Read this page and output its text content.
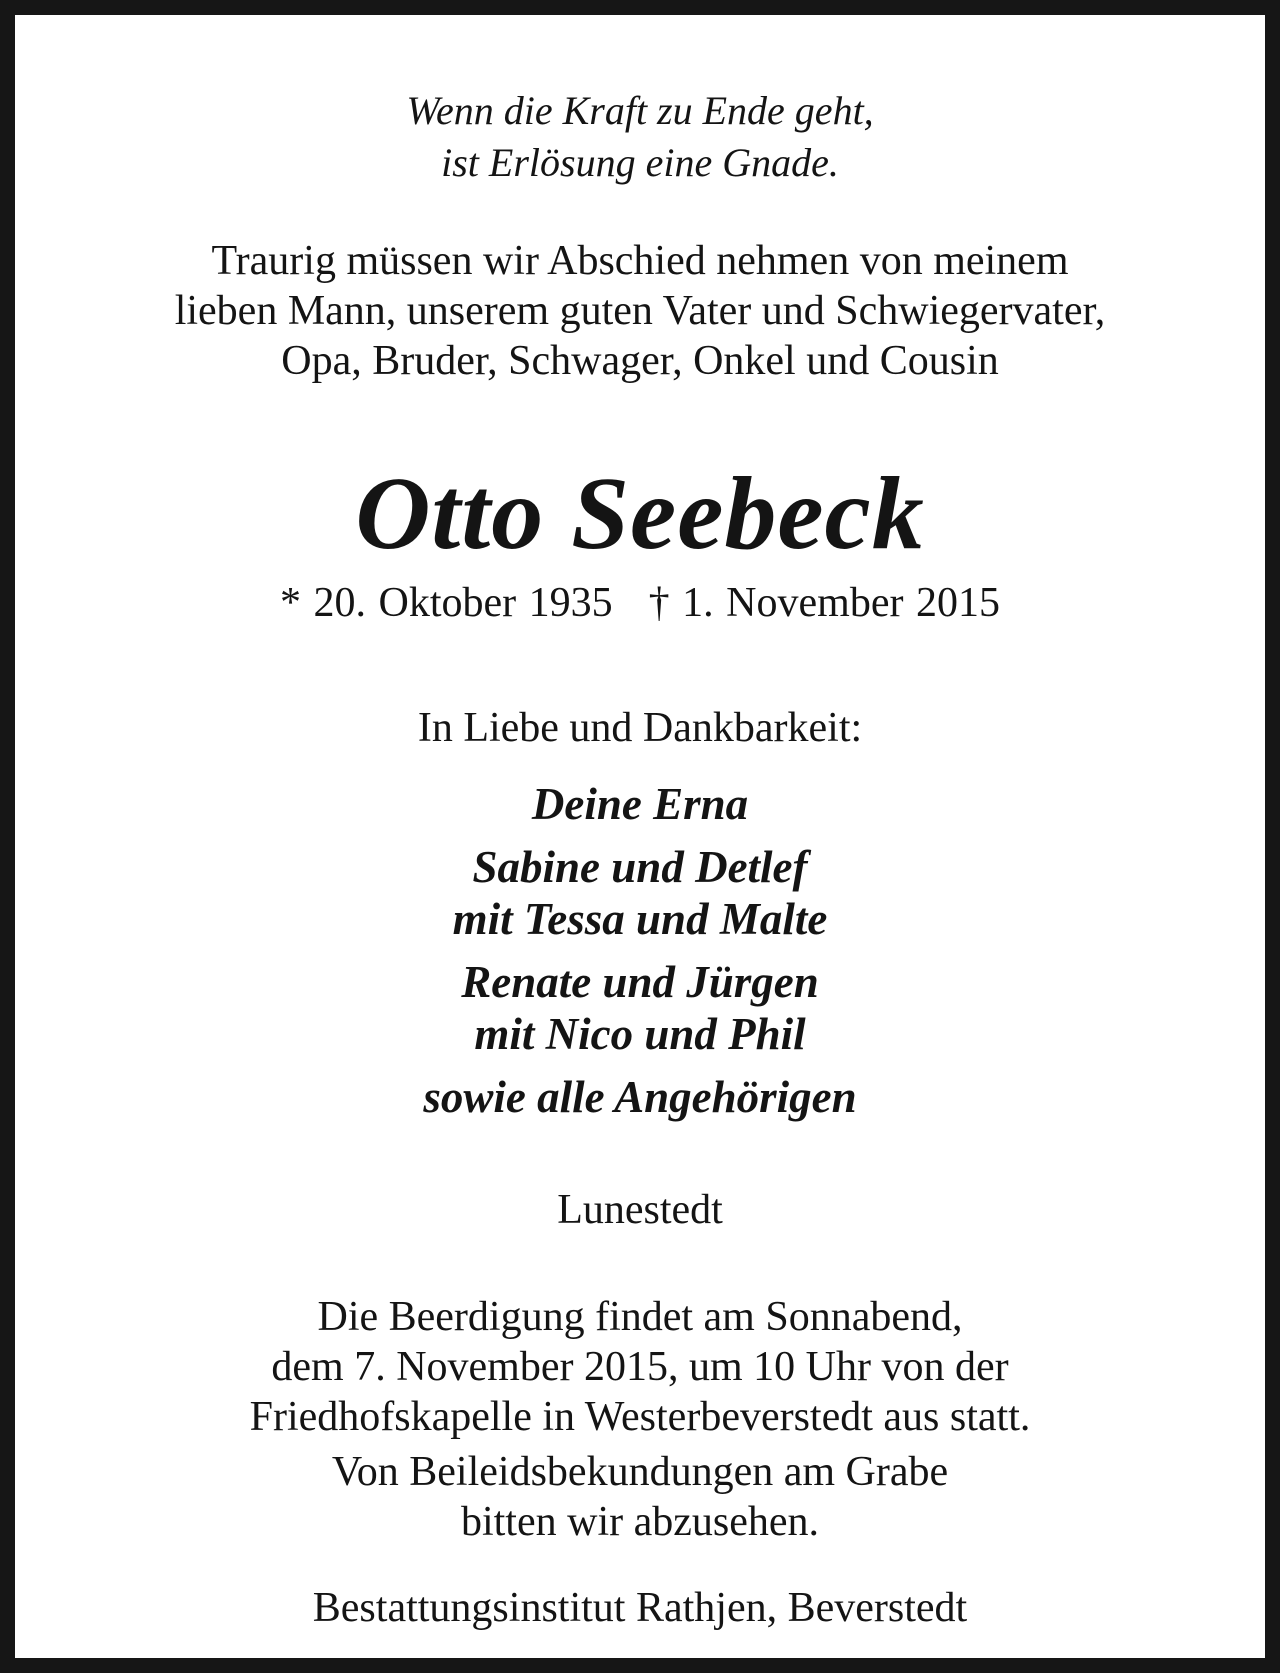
Wenn die Kraft zu Ende geht,
ist Erlösung eine Gnade.
Traurig müssen wir Abschied nehmen von meinem
lieben Mann, unserem guten Vater und Schwiegervater,
Opa, Bruder, Schwager, Onkel und Cousin
Otto Seebeck
* 20. Oktober 1935 † 1. November 2015
In Liebe und Dankbarkeit:
Deine Erna
Sabine und Detlef
mit Tessa und Malte
Renate und Jürgen
mit Nico und Phil
sowie alle Angehörigen
Lunestedt
Die Beerdigung findet am Sonnabend,
dem 7. November 2015, um 10 Uhr von der
Friedhofskapelle in Westerbeverstedt aus statt.
Von Beileidsbekundungen am Grabe
bitten wir abzusehen.
Bestattungsinstitut Rathjen, Beverstedt
